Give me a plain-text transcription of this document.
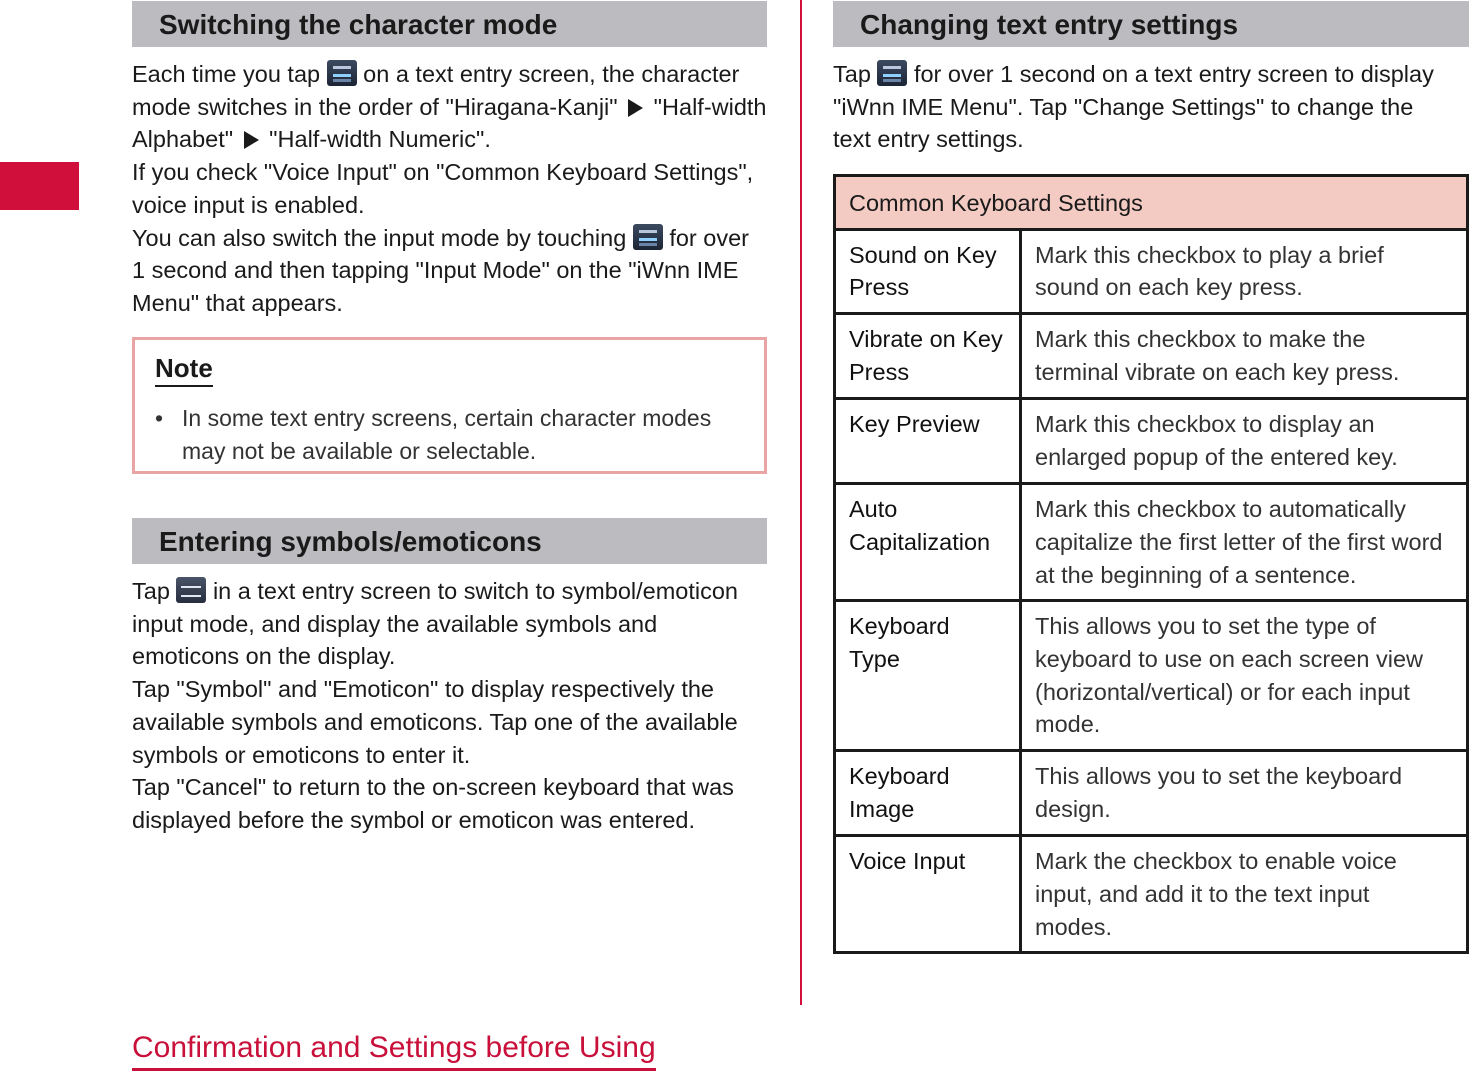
Switching the character mode

Each time you tap  on a text entry screen, the character mode switches in the order of "Hiragana-Kanji"  "Half-width Alphabet"  "Half-width Numeric".

If you check "Voice Input" on "Common Keyboard Settings", voice input is enabled.

You can also switch the input mode by touching  for over 1 second and then tapping "Input Mode" on the "iWnn IME Menu" that appears.

Note
• In some text entry screens, certain character modes may not be available or selectable.
Entering symbols/emoticons

Tap  in a text entry screen to switch to symbol/emoticon input mode, and display the available symbols and emoticons on the display.

Tap "Symbol" and "Emoticon" to display respectively the available symbols and emoticons. Tap one of the available symbols or emoticons to enter it.

Tap "Cancel" to return to the on-screen keyboard that was displayed before the symbol or emoticon was entered.

Changing text entry settings

Tap  for over 1 second on a text entry screen to display "iWnn IME Menu". Tap "Change Settings" to change the text entry settings.

Common Keyboard Settings	
Sound on Key Press	Mark this checkbox to play a brief sound on each key press.
Vibrate on Key Press	Mark this checkbox to make the terminal vibrate on each key press.
Key Preview	Mark this checkbox to display an enlarged popup of the entered key.
Auto Capitalization	Mark this checkbox to automatically capitalize the first letter of the first word at the beginning of a sentence.
Keyboard Type	This allows you to set the type of keyboard to use on each screen view (horizontal/vertical) or for each input mode.
Keyboard Image	This allows you to set the keyboard design.
Voice Input	Mark the checkbox to enable voice input, and add it to the text input modes.
Confirmation and Settings before Using
